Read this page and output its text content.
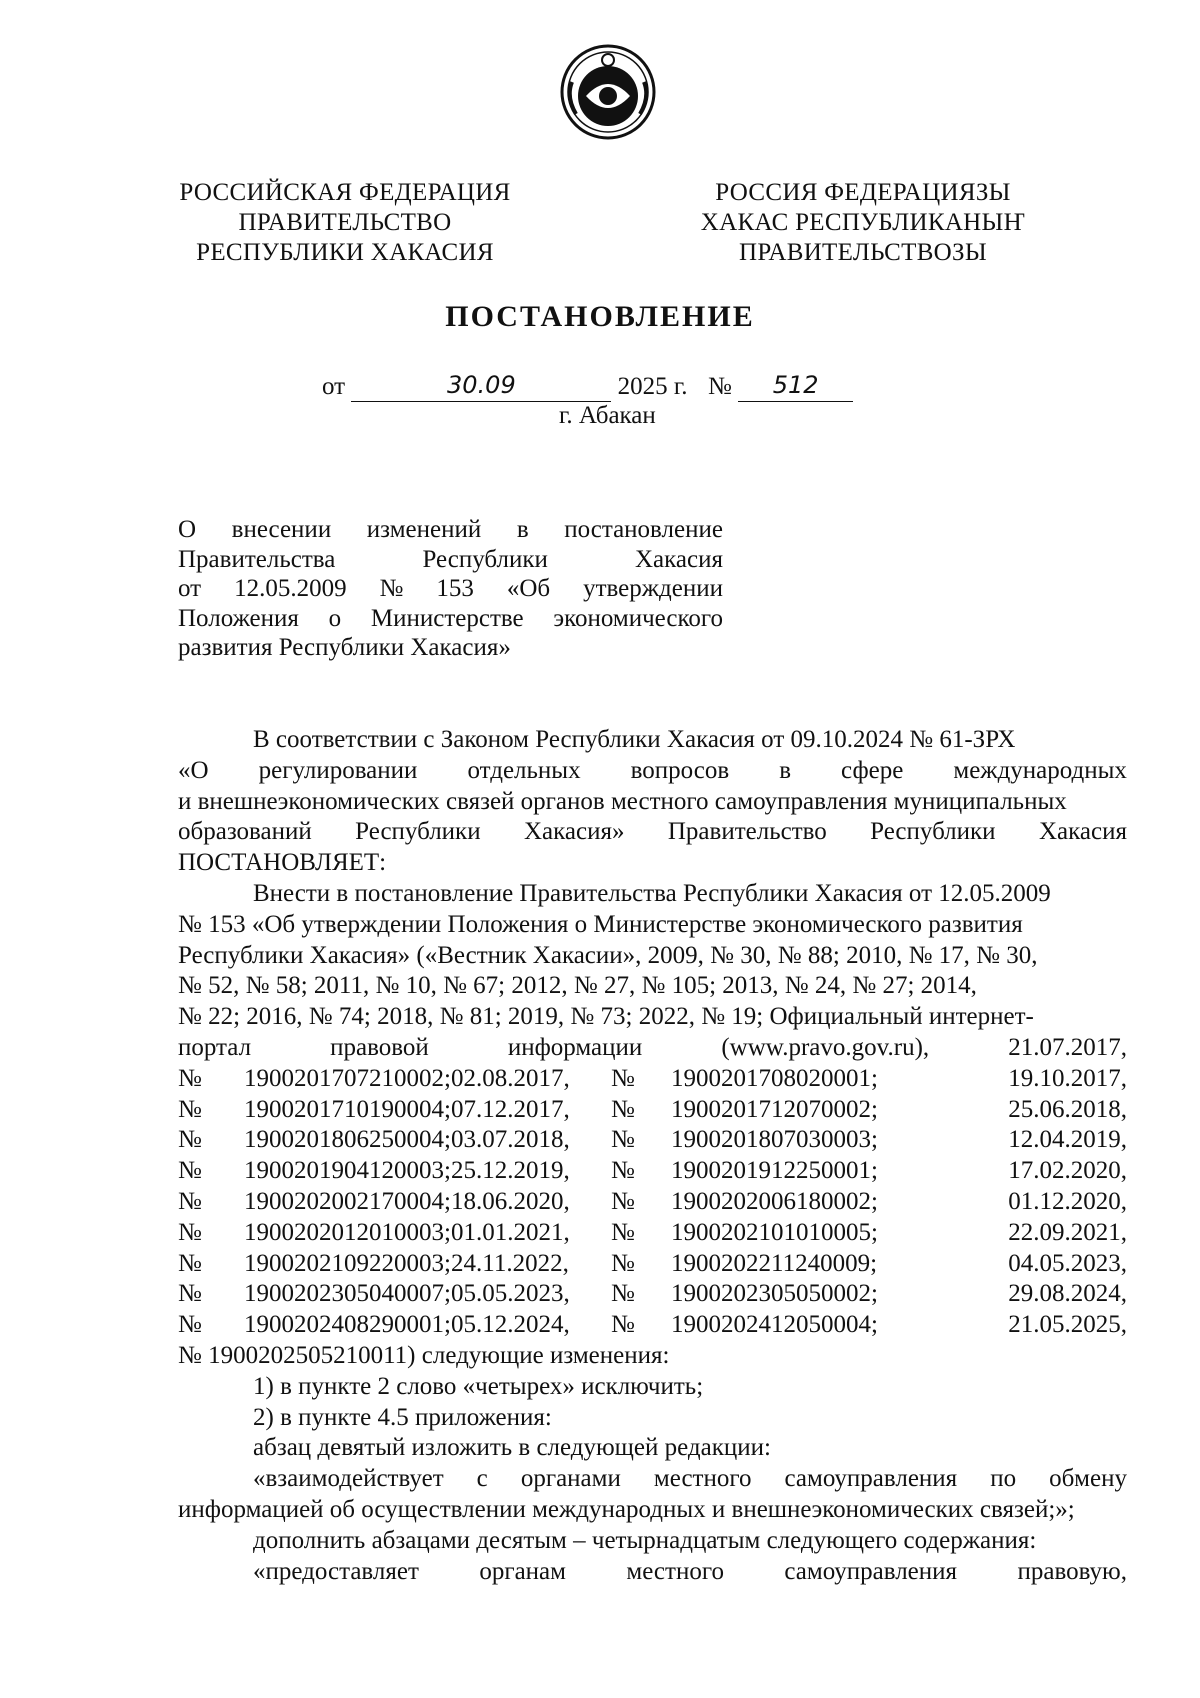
РОССИЙСКАЯ ФЕДЕРАЦИЯ
ПРАВИТЕЛЬСТВО
РЕСПУБЛИКИ ХАКАСИЯ
РОССИЯ ФЕДЕРАЦИЯЗЫ
ХАКАС РЕСПУБЛИКАНЫҤ
ПРАВИТЕЛЬСТВОЗЫ
ПОСТАНОВЛЕНИЕ
от	30.09	2025 г. № 512
г. Абакан
О внесении изменений в постановление
Правительства	Республики	Хакасия
от 12.05.2009 № 153 «Об утверждении
Положения о Министерстве экономического
развития Республики Хакасия»
В соответствии с Законом Республики Хакасия от 09.10.2024 № 61-ЗРХ
«О регулировании отдельных вопросов в сфере международных
и внешнеэкономических связей органов местного самоуправления муниципальных
образований Республики Хакасия» Правительство Республики Хакасия
ПОСТАНОВЛЯЕТ:
Внести в постановление Правительства Республики Хакасия от 12.05.2009
№ 153 «Об утверждении Положения о Министерстве экономического развития
Республики Хакасия» («Вестник Хакасии», 2009, № 30, № 88; 2010, № 17, № 30,
№ 52, № 58; 2011, № 10, № 67; 2012, № 27, № 105; 2013, № 24, № 27; 2014,
№ 22; 2016, № 74; 2018, № 81; 2019, № 73; 2022, № 19; Официальный интернет-
портал	правовой	информации	(www.pravo.gov.ru),	21.07.2017,
№	1900201707210002; 02.08.2017,	№	1900201708020001;	19.10.2017,
№	1900201710190004; 07.12.2017,	№	1900201712070002;	25.06.2018,
№	1900201806250004; 03.07.2018,	№	1900201807030003;	12.04.2019,
№	1900201904120003; 25.12.2019,	№	1900201912250001;	17.02.2020,
№	1900202002170004; 18.06.2020,	№	1900202006180002;	01.12.2020,
№	1900202012010003; 01.01.2021,	№	1900202101010005;	22.09.2021,
№	1900202109220003; 24.11.2022,	№	1900202211240009;	04.05.2023,
№	1900202305040007; 05.05.2023,	№	1900202305050002;	29.08.2024,
№	1900202408290001; 05.12.2024,	№	1900202412050004;	21.05.2025,
№ 1900202505210011) следующие изменения:
1) в пункте 2 слово «четырех» исключить;
2) в пункте 4.5 приложения:
абзац девятый изложить в следующей редакции:
«взаимодействует с органами местного самоуправления по обмену
информацией об осуществлении международных и внешнеэкономических связей;»;
дополнить абзацами десятым – четырнадцатым следующего содержания:
«предоставляет органам местного самоуправления правовую,
